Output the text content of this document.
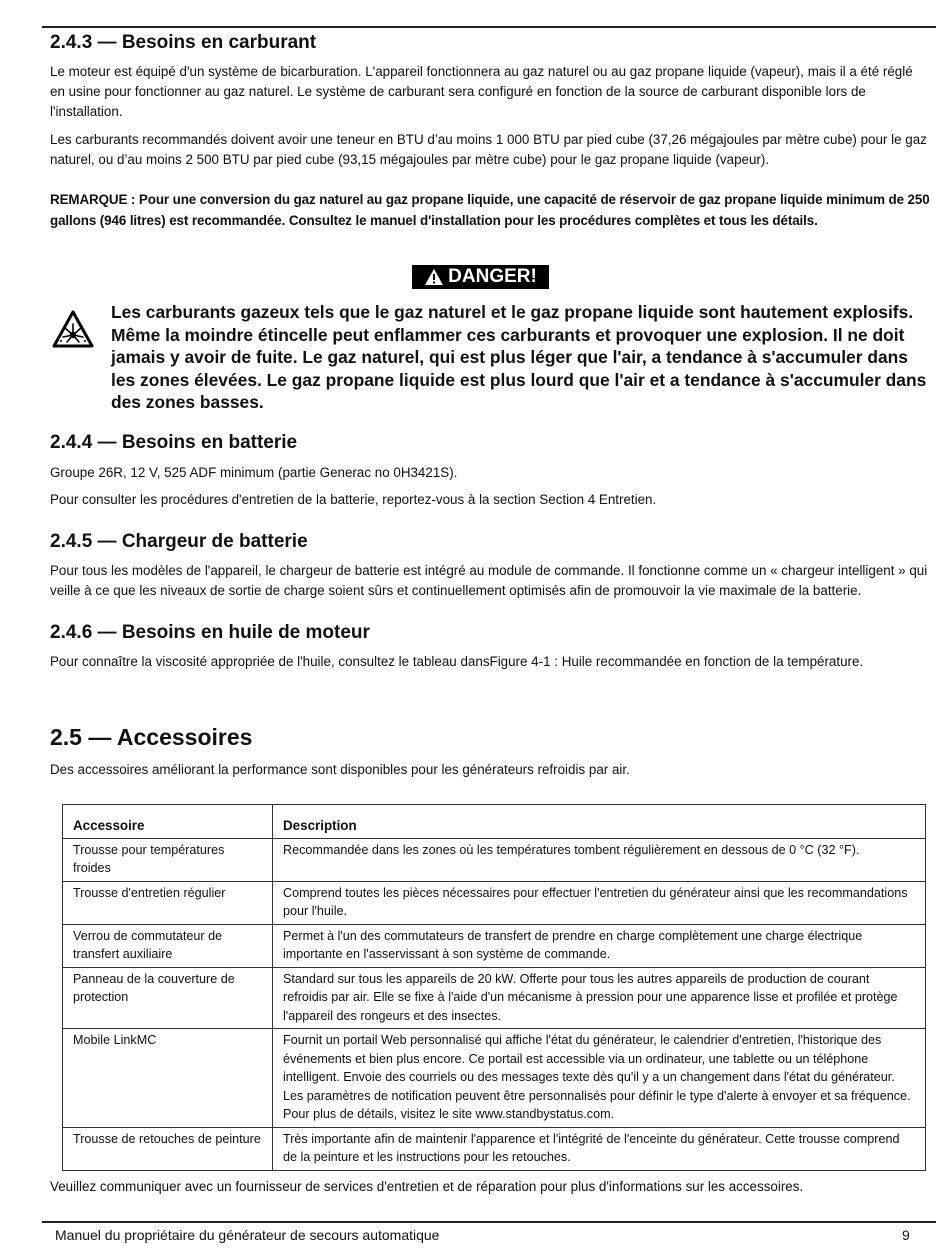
2.4.3 — Besoins en carburant

Le moteur est équipé d'un système de bicarburation. L'appareil fonctionnera au gaz naturel ou au gaz propane liquide (vapeur), mais il a été réglé en usine pour fonctionner au gaz naturel. Le système de carburant sera configuré en fonction de la source de carburant disponible lors de l'installation.

Les carburants recommandés doivent avoir une teneur en BTU d’au moins 1 000 BTU par pied cube (37,26 mégajoules par mètre cube) pour le gaz naturel, ou d’au moins 2 500 BTU par pied cube (93,15 mégajoules par mètre cube) pour le gaz propane liquide (vapeur).

REMARQUE : Pour une conversion du gaz naturel au gaz propane liquide, une capacité de réservoir de gaz propane liquide minimum de 250 gallons (946 litres) est recommandée. Consultez le manuel d'installation pour les procédures complètes et tous les détails.

DANGER!

Les carburants gazeux tels que le gaz naturel et le gaz propane liquide sont hautement explosifs. Même la moindre étincelle peut enflammer ces carburants et provoquer une explosion. Il ne doit jamais y avoir de fuite. Le gaz naturel, qui est plus léger que l'air, a tendance à s'accumuler dans les zones élevées. Le gaz propane liquide est plus lourd que l'air et a tendance à s'accumuler dans des zones basses.

2.4.4 — Besoins en batterie

Groupe 26R, 12 V, 525 ADF minimum (partie Generac no 0H3421S).

Pour consulter les procédures d'entretien de la batterie, reportez-vous à la section Section 4 Entretien.

2.4.5 — Chargeur de batterie

Pour tous les modèles de l'appareil, le chargeur de batterie est intégré au module de commande. Il fonctionne comme un « chargeur intelligent » qui veille à ce que les niveaux de sortie de charge soient sûrs et continuellement optimisés afin de promouvoir la vie maximale de la batterie.

2.4.6 — Besoins en huile de moteur

Pour connaître la viscosité appropriée de l'huile, consultez le tableau dansFigure 4-1 : Huile recommandée en fonction de la température.

2.5 — Accessoires

Des accessoires améliorant la performance sont disponibles pour les générateurs refroidis par air.

Accessoire	Description
Trousse pour températures froides	Recommandée dans les zones où les températures tombent régulièrement en dessous de 0 °C (32 °F).
Trousse d'entretien régulier	Comprend toutes les pièces nécessaires pour effectuer l'entretien du générateur ainsi que les recommandations pour l'huile.
Verrou de commutateur de transfert auxiliaire	Permet à l'un des commutateurs de transfert de prendre en charge complètement une charge électrique importante en l'asservissant à son système de commande.
Panneau de la couverture de protection	Standard sur tous les appareils de 20 kW. Offerte pour tous les autres appareils de production de courant refroidis par air. Elle se fixe à l'aide d'un mécanisme à pression pour une apparence lisse et profilée et protège l'appareil des rongeurs et des insectes.
Mobile LinkMC	Fournit un portail Web personnalisé qui affiche l'état du générateur, le calendrier d'entretien, l'historique des événements et bien plus encore. Ce portail est accessible via un ordinateur, une tablette ou un téléphone intelligent. Envoie des courriels ou des messages texte dès qu'il y a un changement dans l'état du générateur. Les paramètres de notification peuvent être personnalisés pour définir le type d'alerte à envoyer et sa fréquence. Pour plus de détails, visitez le site www.standbystatus.com.
Trousse de retouches de peinture	Très importante afin de maintenir l'apparence et l'intégrité de l'enceinte du générateur. Cette trousse comprend de la peinture et les instructions pour les retouches.

Veuillez communiquer avec un fournisseur de services d'entretien et de réparation pour plus d'informations sur les accessoires.

Manuel du propriétaire du générateur de secours automatique	9
